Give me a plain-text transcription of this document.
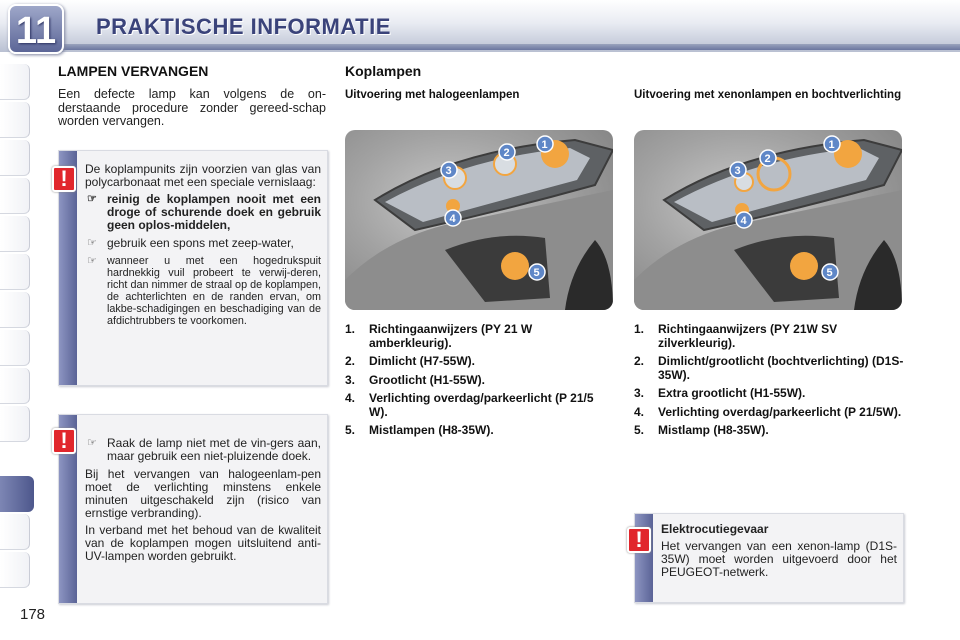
11	PRAKTISCHE INFORMATIE
178
LAMPEN VERVANGEN
Een defecte lamp kan volgens de on-derstaande procedure zonder gereed-schap worden vervangen.

De koplampunits zijn voorzien van glas van polycarbonaat met een speciale vernislaag:

☞ reinig de koplampen nooit met een droge of schurende doek en gebruik geen oplos-middelen,
☞ gebruik een spons met zeep-water,
☞ wanneer u met een hogedrukspuit hardnekkig vuil probeert te verwij-deren, richt dan nimmer de straal op de koplampen, de achterlichten en de randen ervan, om lakbe-schadigingen en beschadiging van de afdichtrubbers te voorkomen.
!
☞ Raak de lamp niet met de vin-gers aan, maar gebruik een niet-pluizende doek.

Bij het vervangen van halogeenlam-pen moet de verlichting minstens enkele minuten uitgeschakeld zijn (risico van ernstige verbranding).

In verband met het behoud van de kwaliteit van de koplampen mogen uitsluitend anti-UV-lampen worden gebruikt.

!
Koplampen
Uitvoering met halogeenlampen
1
2
3
4
5
1. Richtingaanwijzers (PY 21 W amberkleurig).
2. Dimlicht (H7-55W).
3. Grootlicht (H1-55W).
4. Verlichting overdag/parkeerlicht (P 21/5 W).
5. Mistlampen (H8-35W).
Uitvoering met xenonlampen en bochtverlichting
1
2
3
4
5
1. Richtingaanwijzers (PY 21W SV zilverkleurig).
2. Dimlicht/grootlicht (bochtverlichting) (D1S-35W).
3. Extra grootlicht (H1-55W).
4. Verlichting overdag/parkeerlicht (P 21/5W).
5. Mistlamp (H8-35W).
Elektrocutiegevaar

Het vervangen van een xenon-lamp (D1S-35W) moet worden uitgevoerd door het PEUGEOT-netwerk.

!
